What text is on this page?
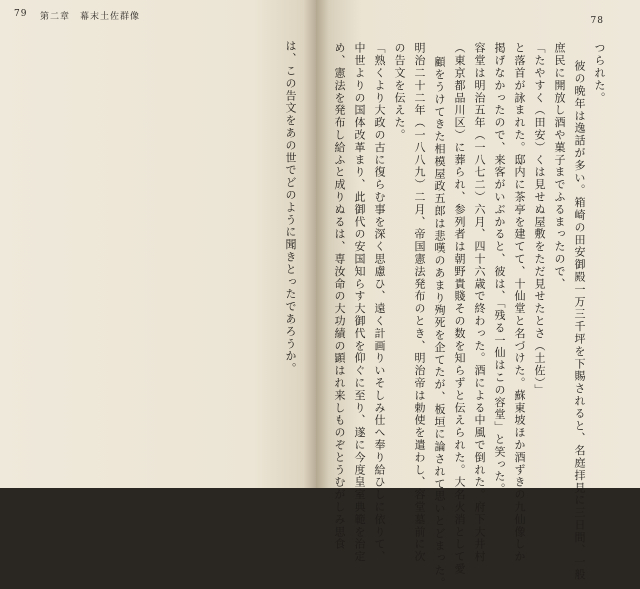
79 第二章　幕末土佐群像
は、この告文をあの世でどのように聞きとったであろうか。
78
つられた。
彼の晩年は逸話が多い。箱崎の田安御殿一万三千坪を下賜されると、名庭拝見に三日間、一般
庶民に開放し酒や菓子までふるまったので、
「たやすく（田安）くは見せぬ屋敷をただ見せたとさ（土佐）」
と落首が詠まれた。邸内に茶亭を建てて、十仙堂と名づけた。蘇東坡ほか酒ずきの九仙像しか
掲げなかったので、来客がいぶかると、彼は、「残る一仙はこの容堂」と笑った。
容堂は明治五年（一八七二）六月、四十六歳で終わった。酒による中風で倒れた。府下大井村
（東京都品川区）に葬られ、参列者は朝野貴賤その数を知らずと伝えられた。大名火消として愛
顧をうけてきた相模屋政五郎は悲嘆のあまり殉死を企てたが、板垣に論されて思いとどまった。
明治二十二年（一八八九）二月、帝国憲法発布のとき、明治帝は勅使を遣わし、容堂墓前に次
の告文を伝えた。
「熟くより大政の古に復らむ事を深く思慮ひ、遠く計画りいそしみ仕へ奉り給ひしに依りて、
中世よりの国体改革まり、此御代の安国知らす大御代を仰ぐに至り、遂に今度皇室典範を治定
め、憲法を発布し給ふと成りぬるは、専汝命の大功績の顕はれ来しものぞとうむがしみ思食
